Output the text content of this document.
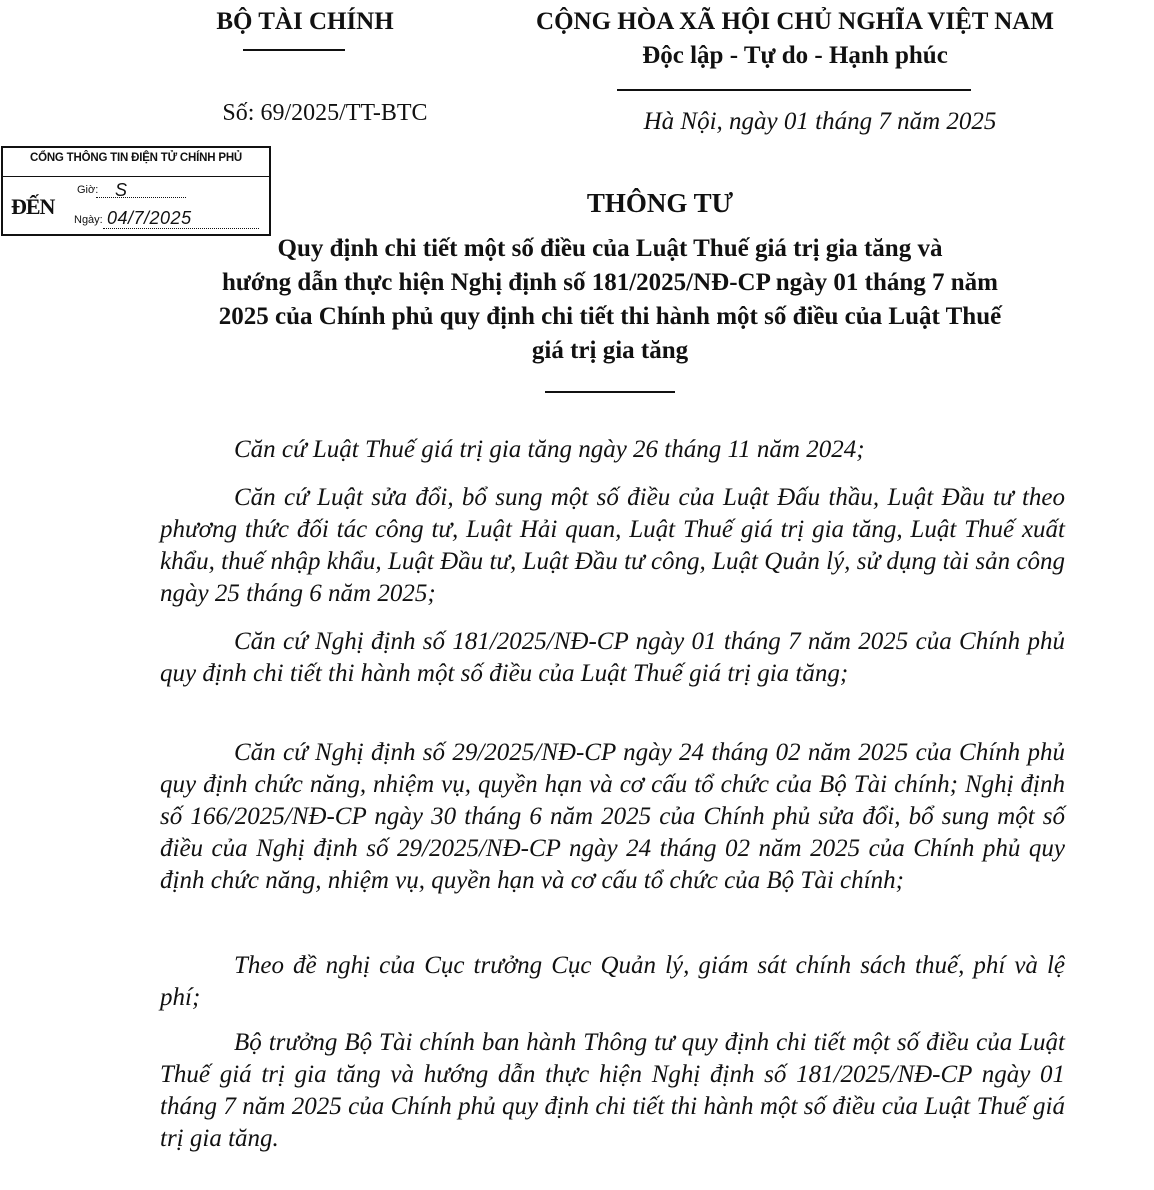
BỘ TÀI CHÍNH	CỘNG HÒA XÃ HỘI CHỦ NGHĨA VIỆT NAM
Độc lập - Tự do - Hạnh phúc
Số: 69/2025/TT-BTC	Hà Nội, ngày 01 tháng 7 năm 2025
CỔNG THÔNG TIN ĐIỆN TỬ CHÍNH PHỦ
ĐẾN
Giờ: S
Ngày: 04/7/2025	THÔNG TƯ
Quy định chi tiết một số điều của Luật Thuế giá trị gia tăng và
hướng dẫn thực hiện Nghị định số 181/2025/NĐ-CP ngày 01 tháng 7 năm
2025 của Chính phủ quy định chi tiết thi hành một số điều của Luật Thuế
giá trị gia tăng
Căn cứ Luật Thuế giá trị gia tăng ngày 26 tháng 11 năm 2024;
Căn cứ Luật sửa đổi, bổ sung một số điều của Luật Đấu thầu, Luật Đầu tư theo phương thức đối tác công tư, Luật Hải quan, Luật Thuế giá trị gia tăng, Luật Thuế xuất khẩu, thuế nhập khẩu, Luật Đầu tư, Luật Đầu tư công, Luật Quản lý, sử dụng tài sản công ngày 25 tháng 6 năm 2025;
Căn cứ Nghị định số 181/2025/NĐ-CP ngày 01 tháng 7 năm 2025 của Chính phủ quy định chi tiết thi hành một số điều của Luật Thuế giá trị gia tăng;
Căn cứ Nghị định số 29/2025/NĐ-CP ngày 24 tháng 02 năm 2025 của Chính phủ quy định chức năng, nhiệm vụ, quyền hạn và cơ cấu tổ chức của Bộ Tài chính; Nghị định số 166/2025/NĐ-CP ngày 30 tháng 6 năm 2025 của Chính phủ sửa đổi, bổ sung một số điều của Nghị định số 29/2025/NĐ-CP ngày 24 tháng 02 năm 2025 của Chính phủ quy định chức năng, nhiệm vụ, quyền hạn và cơ cấu tổ chức của Bộ Tài chính;
Theo đề nghị của Cục trưởng Cục Quản lý, giám sát chính sách thuế, phí và lệ phí;
Bộ trưởng Bộ Tài chính ban hành Thông tư quy định chi tiết một số điều của Luật Thuế giá trị gia tăng và hướng dẫn thực hiện Nghị định số 181/2025/NĐ-CP ngày 01 tháng 7 năm 2025 của Chính phủ quy định chi tiết thi hành một số điều của Luật Thuế giá trị gia tăng.
